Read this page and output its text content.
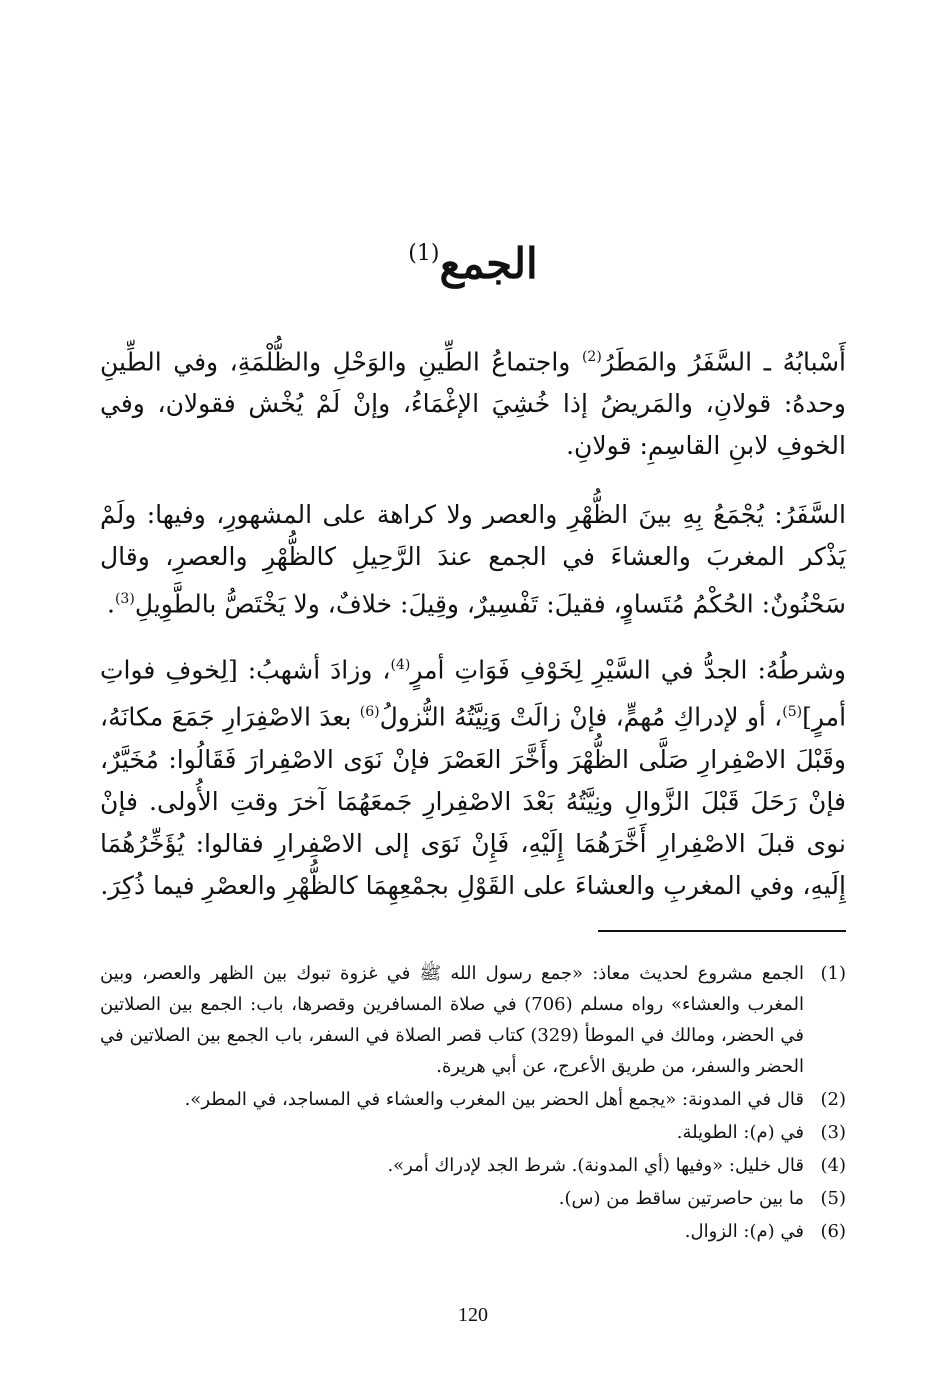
الجمع$^{(1)}$

أَسْبابُهُ ـ السَّفَرُ والمَطَرُ$^{(2)}$ واجتماعُ الطِّينِ والوَحْلِ والظُّلْمَةِ، وفي الطِّينِ وحدهُ: قولانِ، والمَريضُ إذا خُشِيَ الإغْمَاءُ، وإنْ لَمْ يُخْش فقولان، وفي الخوفِ لابنِ القاسِمِ: قولانِ.

السَّفَرُ: يُجْمَعُ بِهِ بينَ الظُّهْرِ والعصر ولا كراهة على المشهورِ، وفيها: ولَمْ يَذْكر المغربَ والعشاءَ في الجمع عندَ الرَّحِيلِ كالظُّهْرِ والعصرِ، وقال سَحْنُونٌ: الحُكْمُ مُتَساوٍ، فقيلَ: تَفْسِيرٌ، وقِيلَ: خلافٌ، ولا يَخْتَصُّ بالطَّوِيلِ$^{(3)}$.

وشرطُهُ: الجدُّ في السَّيْرِ لِخَوْفِ فَوَاتِ أمرٍ$^{(4)}$، وزادَ أشهبُ: [لِخوفِ فواتِ أمرٍ]$^{(5)}$، أو لإدراكِ مُهمٍّ، فإنْ زالَتْ وَنِيَّتُهُ النُّزولُ$^{(6)}$ بعدَ الاصْفِرَارِ جَمَعَ مكانَهُ، وقَبْلَ الاصْفِرارِ صَلَّى الظُّهْرَ وأَخَّرَ العَصْرَ فإنْ نَوَى الاصْفِرارَ فَقَالُوا: مُخَيَّرٌ، فإنْ رَحَلَ قَبْلَ الزَّوالِ ونِيَّتُهُ بَعْدَ الاصْفِرارِ جَمعَهُمَا آخرَ وقتِ الأُولى. فإنْ نوى قبلَ الاصْفِرارِ أَخَّرَهُمَا إِلَيْهِ، فَإِنْ نَوَى إلى الاصْفِرارِ فقالوا: يُؤَخِّرُهُمَا إِلَيهِ، وفي المغربِ والعشاءَ على القَوْلِ بجمْعِهِمَا كالظُّهْرِ والعصْرِ فيما ذُكِرَ.

(1)
الجمع مشروع لحديث معاذ: «جمع رسول الله ﷺ في غزوة تبوك بين الظهر والعصر، وبين المغرب والعشاء» رواه مسلم (706) في صلاة المسافرين وقصرها، باب: الجمع بين الصلاتين في الحضر، ومالك في الموطأ (329) كتاب قصر الصلاة في السفر، باب الجمع بين الصلاتين في الحضر والسفر، من طريق الأعرج، عن أبي هريرة.
(2)
قال في المدونة: «يجمع أهل الحضر بين المغرب والعشاء في المساجد، في المطر».
(3)
في (م): الطويلة.
(4)
قال خليل: «وفيها (أي المدونة). شرط الجد لإدراك أمر».
(5)
ما بين حاصرتين ساقط من (س).
(6)
في (م): الزوال.
120
